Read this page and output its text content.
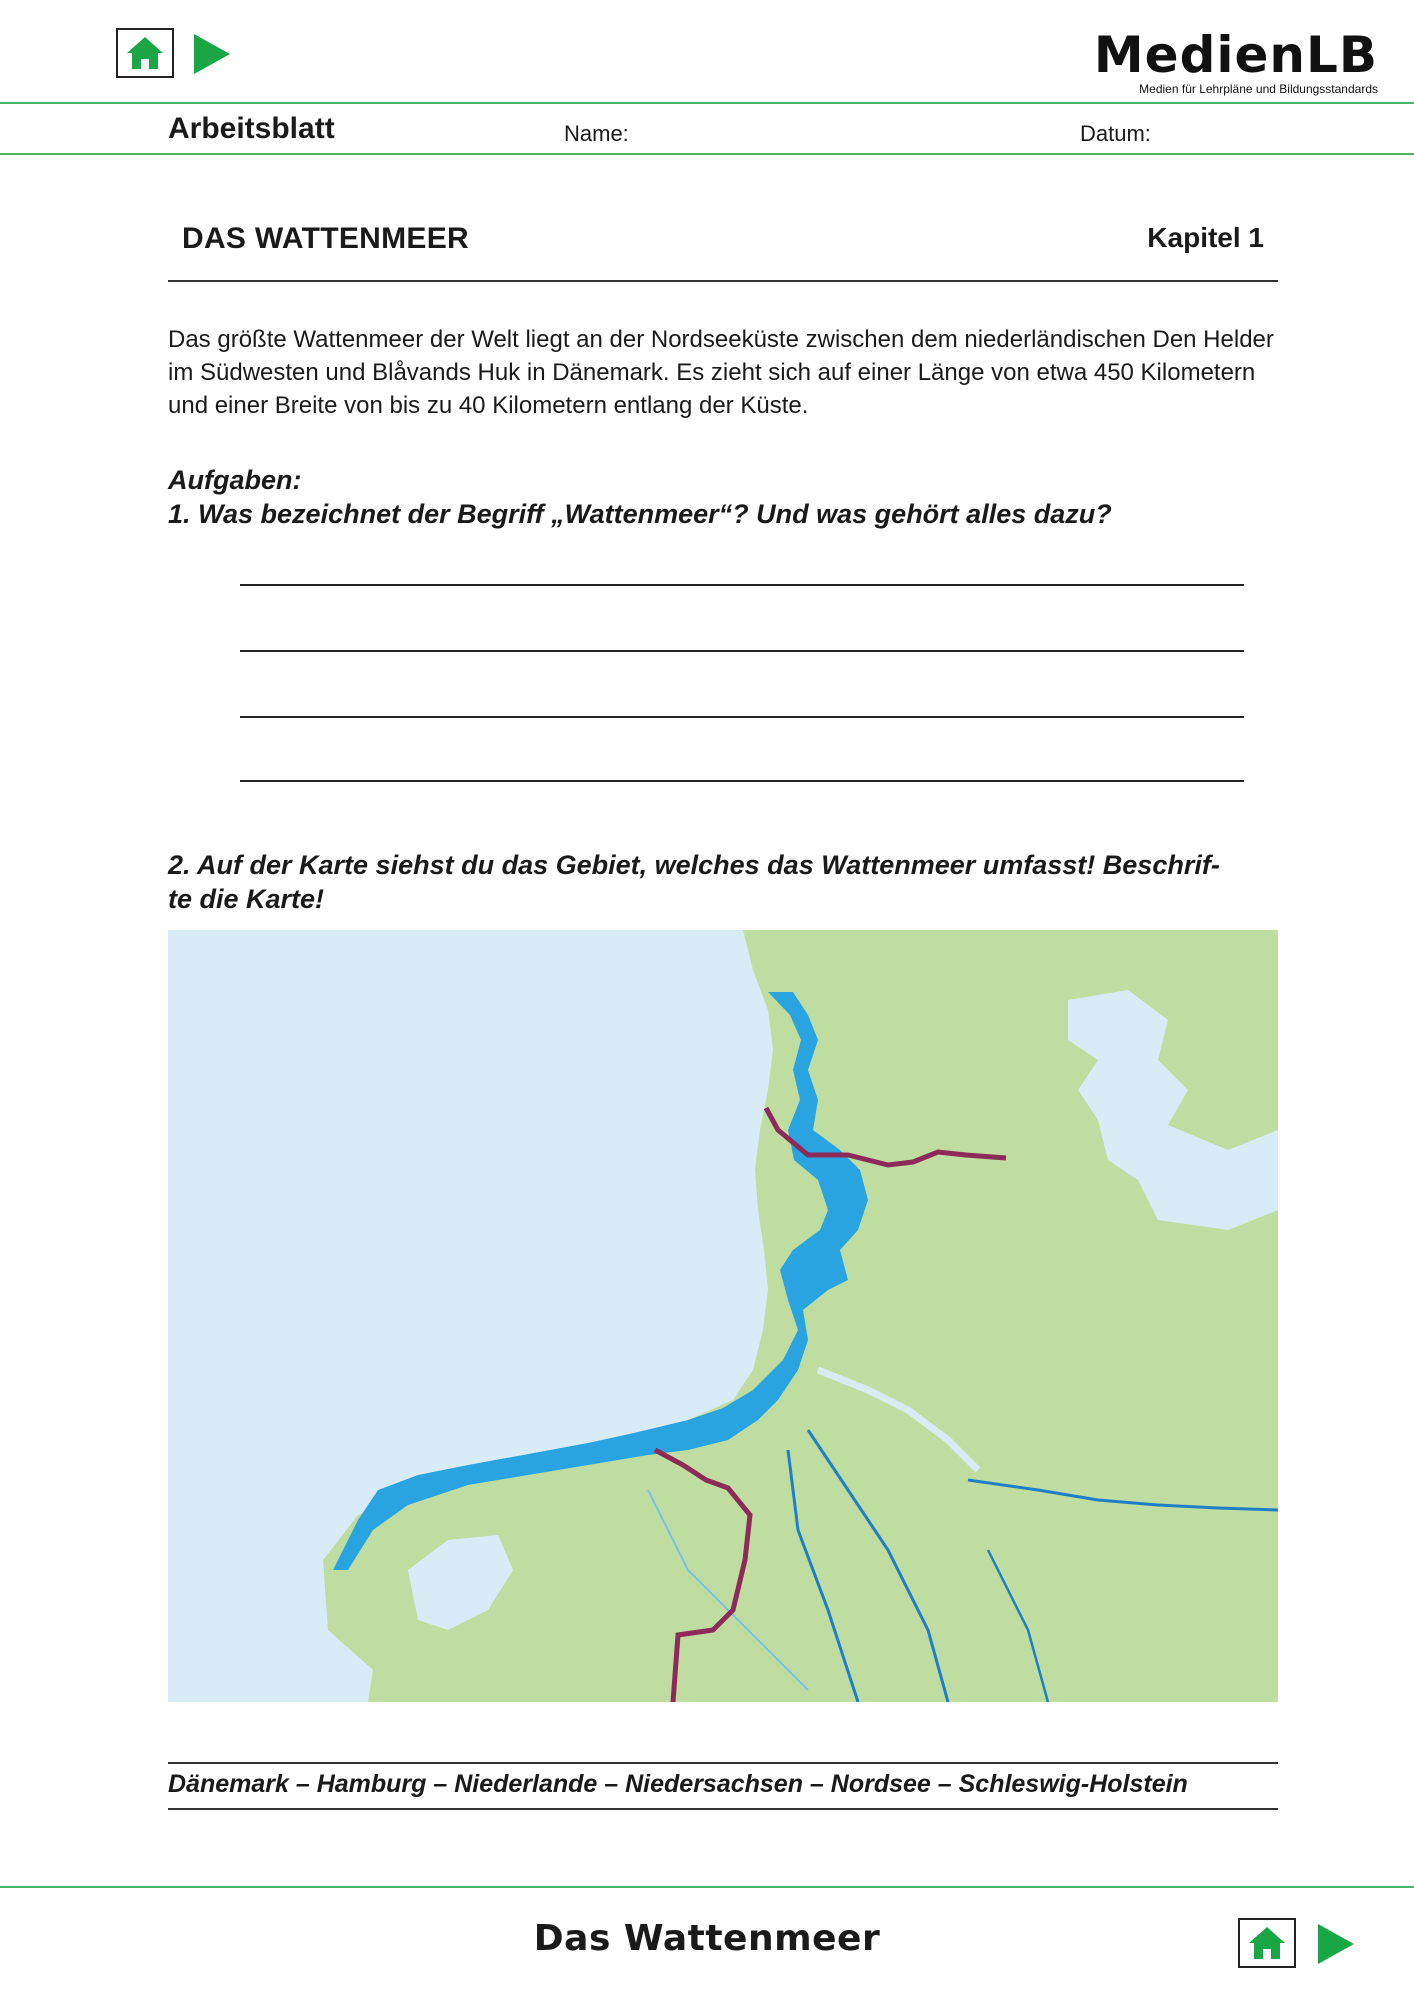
MedienLB
Medien für Lehrpläne und Bildungsstandards
Arbeitsblatt	Name:	Datum:
DAS WATTENMEER	Kapitel 1
Das größte Wattenmeer der Welt liegt an der Nordseeküste zwischen dem niederländischen Den Helder im Südwesten und Blåvands Huk in Dänemark. Es zieht sich auf einer Länge von etwa 450 Kilometern und einer Breite von bis zu 40 Kilometern entlang der Küste.
Aufgaben:
1. Was bezeichnet der Begriff „Wattenmeer“? Und was gehört alles dazu?
2. Auf der Karte siehst du das Gebiet, welches das Wattenmeer umfasst! Beschrif-
te die Karte!
Dänemark – Hamburg – Niederlande – Niedersachsen – Nordsee – Schleswig-Holstein
Das Wattenmeer
